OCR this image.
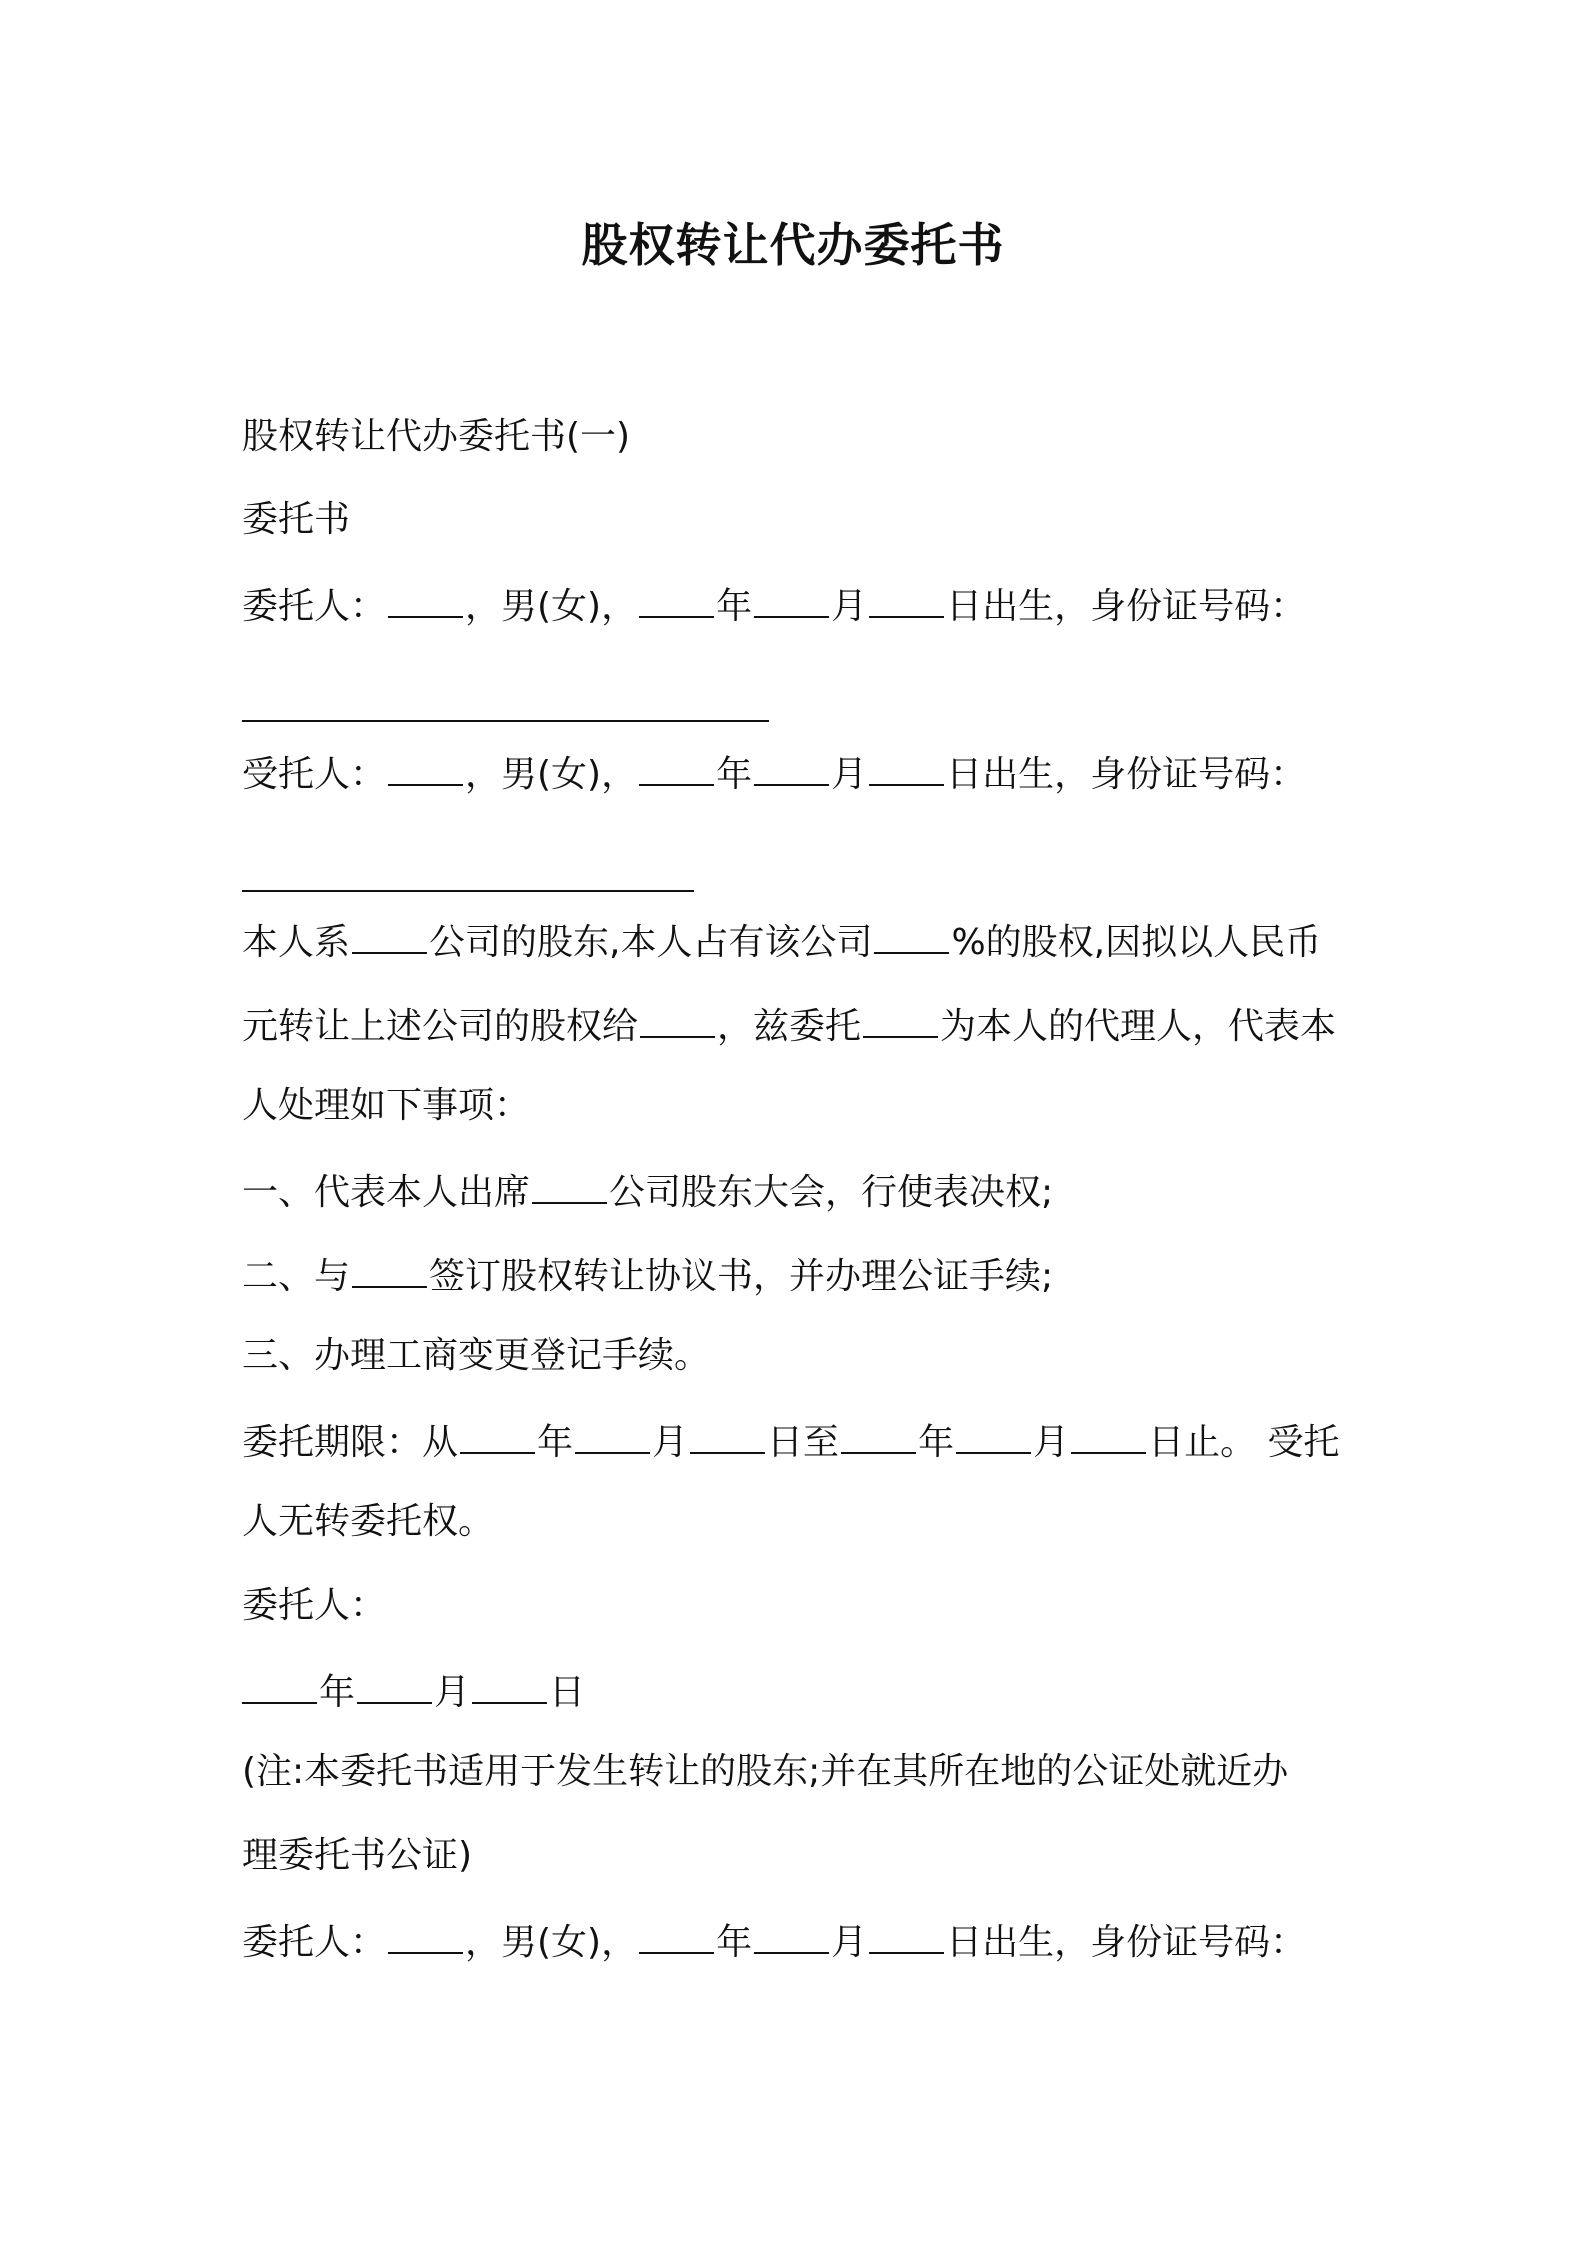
股权转让代办委托书
股权转让代办委托书(一)
委托书
委托人： ，男(女)， 年 月 日出生，身份证号码：
受托人： ，男(女)， 年 月 日出生，身份证号码：
本人系 公司的股东,本人占有该公司 %的股权,因拟以人民币
元转让上述公司的股权给 ，兹委托 为本人的代理人，代表本
人处理如下事项：
一、代表本人出席 公司股东大会，行使表决权;
二、与 签订股权转让协议书，并办理公证手续;
三、办理工商变更登记手续。
委托期限：从 年 月 日至 年 月 日止。 受托
人无转委托权。
委托人：
年 月 日
(注:本委托书适用于发生转让的股东;并在其所在地的公证处就近办
理委托书公证)
委托人： ，男(女)， 年 月 日出生，身份证号码：
